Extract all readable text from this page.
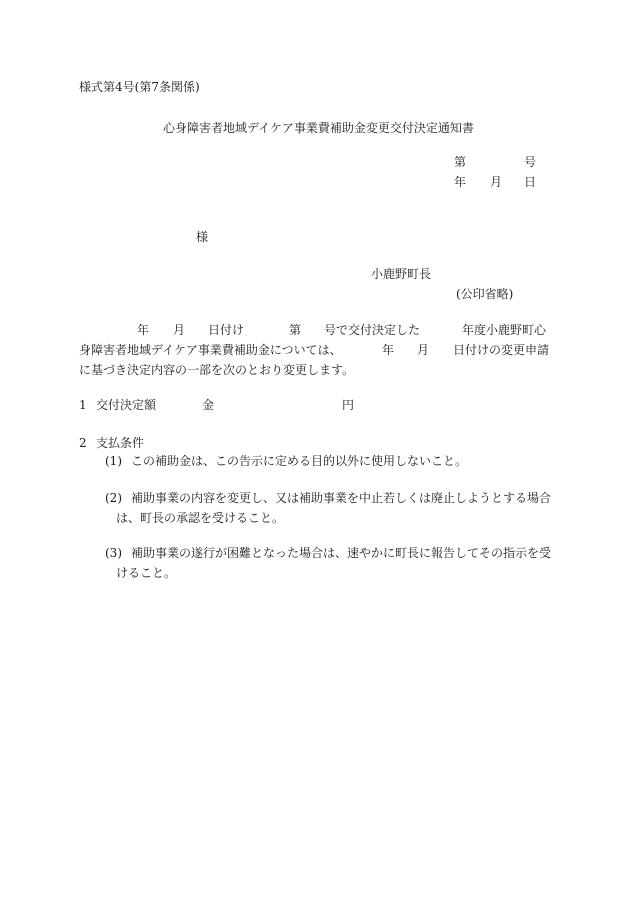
様式第4号(第7条関係)
心身障害者地域デイケア事業費補助金変更交付決定通知書
第	号
年 月 日
様
小鹿野町長
(公印省略)
年 月 日付け	第 号で交付決定した	年度小鹿野町心
身障害者地域デイケア事業費補助金については、	年 月 日付けの変更申請
に基づき決定内容の一部を次のとおり変更します。
1 交付決定額	金	円
2 支払条件
(1) この補助金は、この告示に定める目的以外に使用しないこと。
(2) 補助事業の内容を変更し、又は補助事業を中止若しくは廃止しようとする場合
は、町長の承認を受けること。
(3) 補助事業の遂行が困難となった場合は、速やかに町長に報告してその指示を受
けること。
